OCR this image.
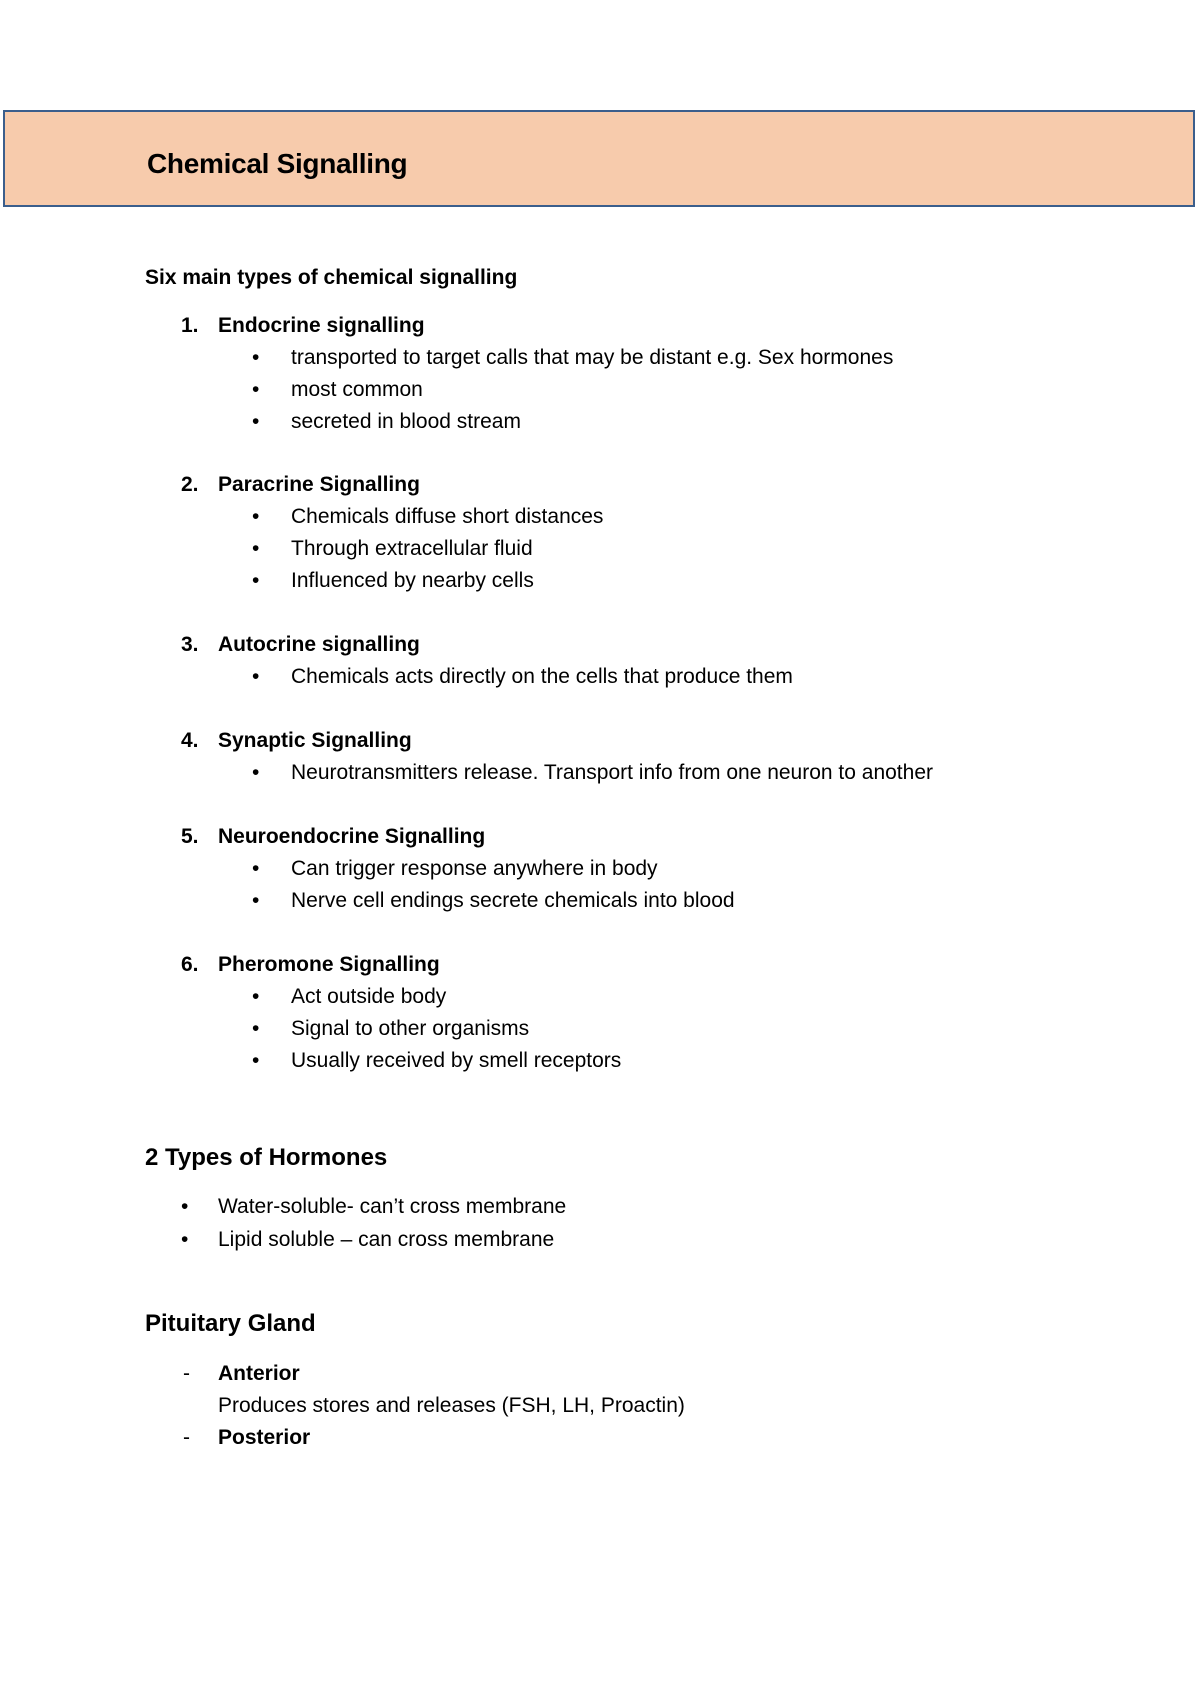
Chemical Signalling

Six main types of chemical signalling

1. Endocrine signalling

• transported to target calls that may be distant e.g. Sex hormones

• most common

• secreted in blood stream

2. Paracrine Signalling

• Chemicals diffuse short distances

• Through extracellular fluid

• Influenced by nearby cells

3. Autocrine signalling

• Chemicals acts directly on the cells that produce them

4. Synaptic Signalling

• Neurotransmitters release. Transport info from one neuron to another

5. Neuroendocrine Signalling

• Can trigger response anywhere in body

• Nerve cell endings secrete chemicals into blood

6. Pheromone Signalling

• Act outside body

• Signal to other organisms

• Usually received by smell receptors

2 Types of Hormones
• Water-soluble- can’t cross membrane

• Lipid soluble – can cross membrane

Pituitary Gland
- Anterior

Produces stores and releases (FSH, LH, Proactin)

- Posterior
